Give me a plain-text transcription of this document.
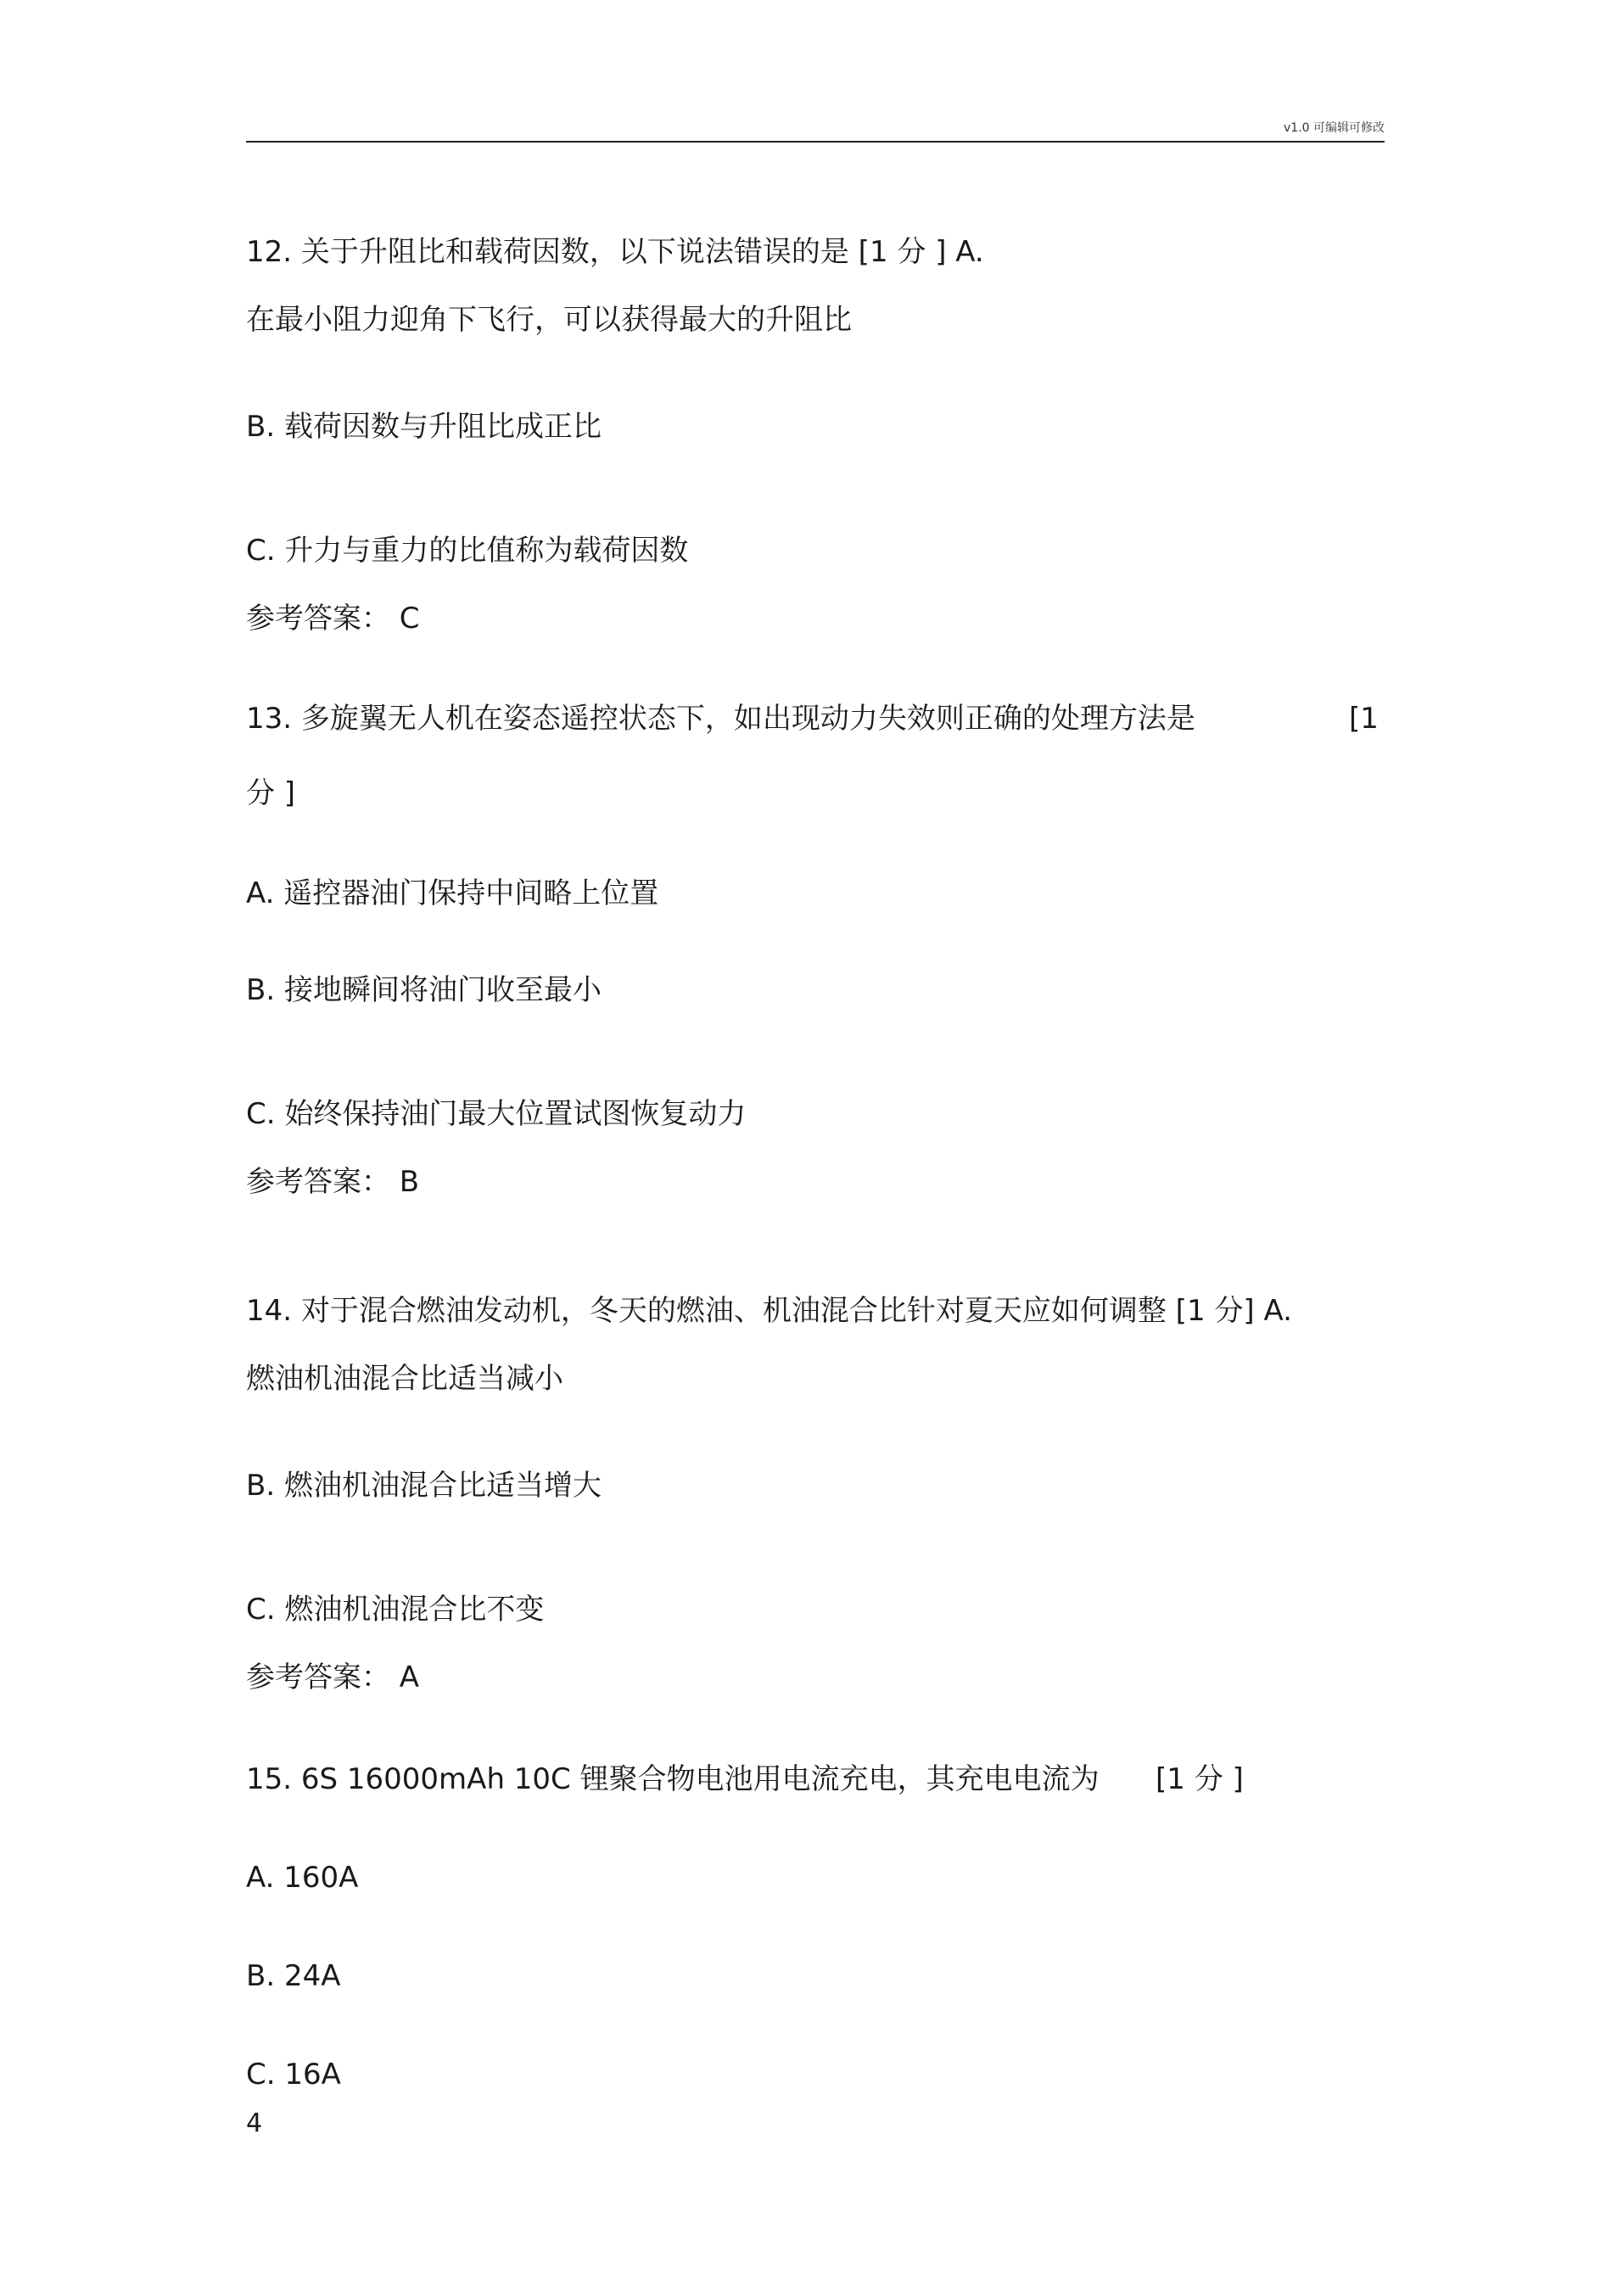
v1.0 可编辑可修改
12. 关于升阻比和载荷因数，以下说法错误的是 [1 分 ] A.
在最小阻力迎角下飞行，可以获得最大的升阻比
B. 载荷因数与升阻比成正比
C. 升力与重力的比值称为载荷因数
参考答案： C
13. 多旋翼无人机在姿态遥控状态下，如出现动力失效则正确的处理方法是	[1
分 ]
A. 遥控器油门保持中间略上位置
B. 接地瞬间将油门收至最小
C. 始终保持油门最大位置试图恢复动力
参考答案： B
14. 对于混合燃油发动机，冬天的燃油、机油混合比针对夏天应如何调整 [1 分] A.
燃油机油混合比适当减小
B. 燃油机油混合比适当增大
C. 燃油机油混合比不变
参考答案： A
15. 6S 16000mAh 10C 锂聚合物电池用电流充电，其充电电流为 [1 分 ]
A. 160A
B. 24A
C. 16A
4
